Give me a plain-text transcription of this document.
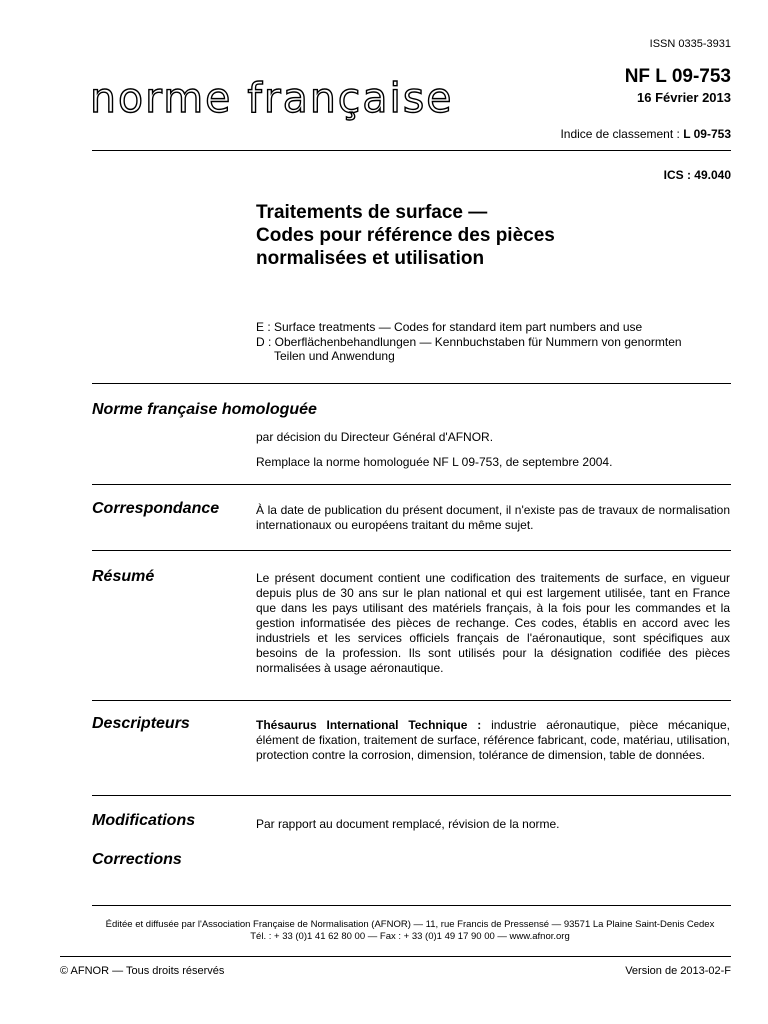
ISSN 0335-3931
norme française	NF L 09-753
16 Février 2013
Indice de classement : L 09-753
ICS : 49.040
Traitements de surface —
Codes pour référence des pièces
normalisées et utilisation
E : Surface treatments — Codes for standard item part numbers and use
D : Oberflächenbehandlungen — Kennbuchstaben für Nummern von genormten
Teilen und Anwendung
Norme française homologuée

par décision du Directeur Général d'AFNOR.

Remplace la norme homologuée NF L 09-753, de septembre 2004.

Correspondance	À la date de publication du présent document, il n'existe pas de travaux de normalisation internationaux ou européens traitant du même sujet.
Résumé	Le présent document contient une codification des traitements de surface, en vigueur depuis plus de 30 ans sur le plan national et qui est largement utilisée, tant en France que dans les pays utilisant des matériels français, à la fois pour les commandes et la gestion informatisée des pièces de rechange. Ces codes, établis en accord avec les industriels et les services officiels français de l'aéronautique, sont spécifiques aux besoins de la profession. Ils sont utilisés pour la désignation codifiée des pièces normalisées à usage aéronautique.
Descripteurs	Thésaurus International Technique : industrie aéronautique, pièce mécanique, élément de fixation, traitement de surface, référence fabricant, code, matériau, utilisation, protection contre la corrosion, dimension, tolérance de dimension, table de données.
Modifications	Par rapport au document remplacé, révision de la norme.
Corrections
Éditée et diffusée par l'Association Française de Normalisation (AFNOR) — 11, rue Francis de Pressensé — 93571 La Plaine Saint-Denis Cedex
Tél. : + 33 (0)1 41 62 80 00 — Fax : + 33 (0)1 49 17 90 00 — www.afnor.org
© AFNOR — Tous droits réservés	Version de 2013-02-F
